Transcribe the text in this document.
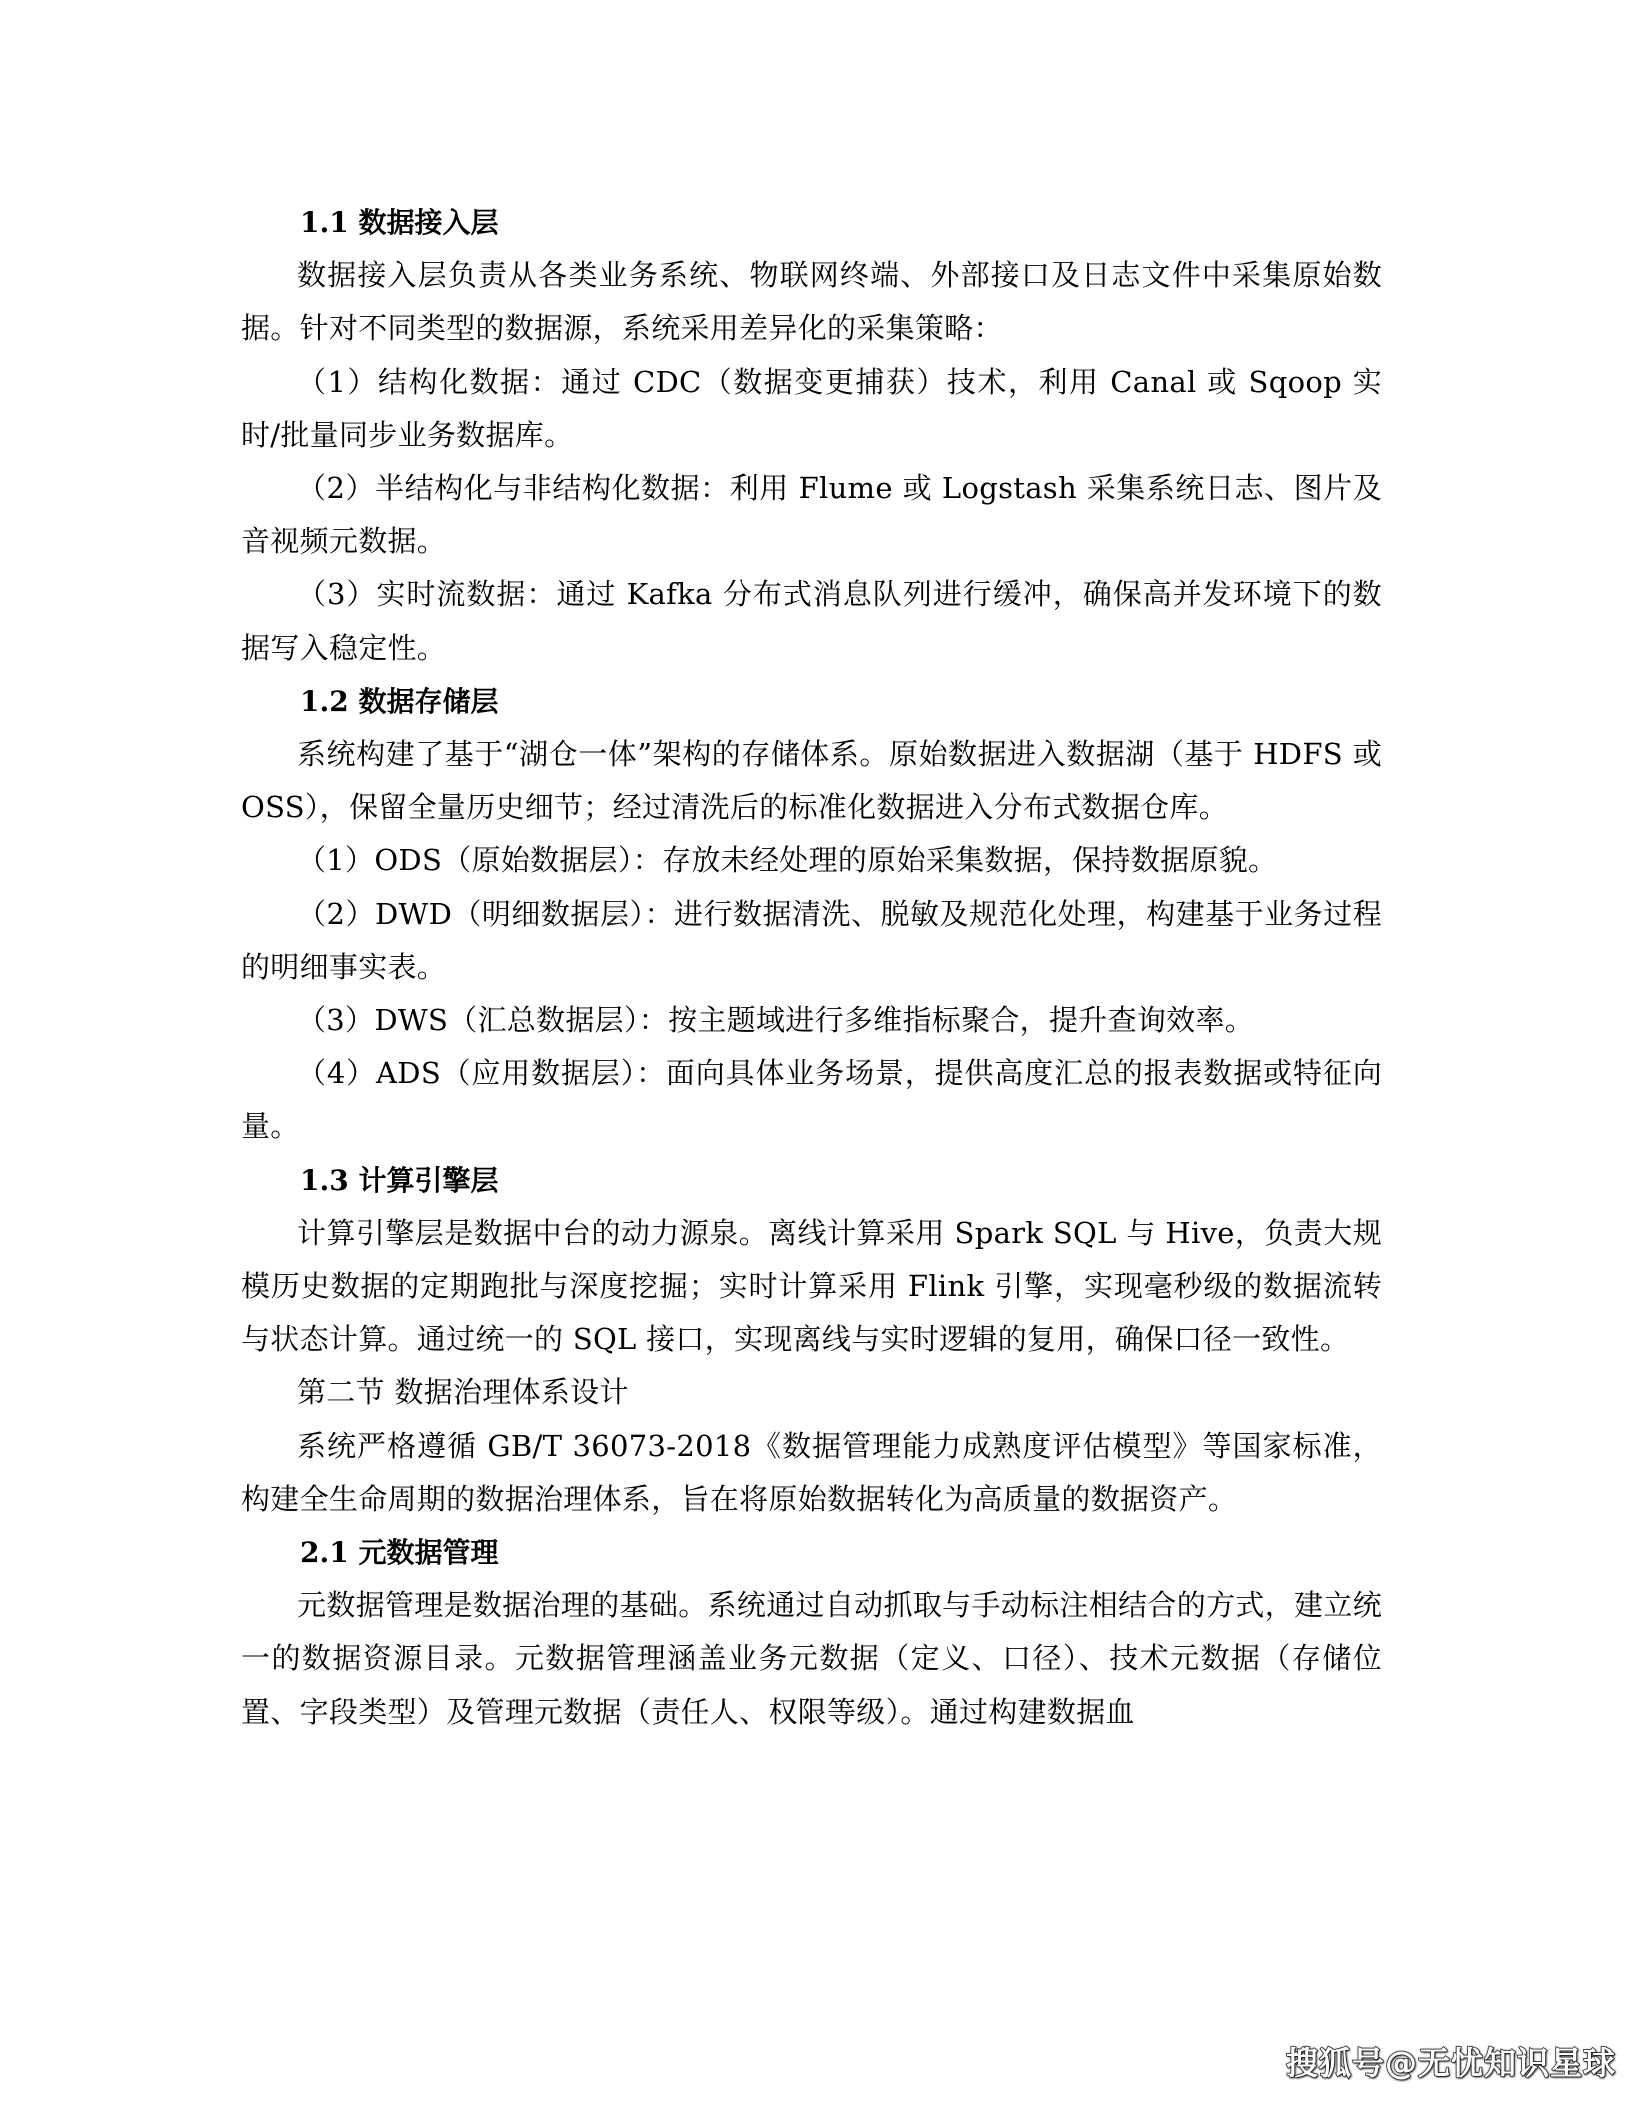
1.1 数据接入层

数据接入层负责从各类业务系统、物联网终端、外部接口及日志文件中采集原始数据。针对不同类型的数据源，系统采用差异化的采集策略：

（1）结构化数据：通过 CDC（数据变更捕获）技术，利用 Canal 或 Sqoop 实时/批量同步业务数据库。

（2）半结构化与非结构化数据：利用 Flume 或 Logstash 采集系统日志、图片及音视频元数据。

（3）实时流数据：通过 Kafka 分布式消息队列进行缓冲，确保高并发环境下的数据写入稳定性。

1.2 数据存储层

系统构建了基于“湖仓一体”架构的存储体系。原始数据进入数据湖（基于 HDFS 或 OSS），保留全量历史细节；经过清洗后的标准化数据进入分布式数据仓库。

（1）ODS（原始数据层）：存放未经处理的原始采集数据，保持数据原貌。

（2）DWD（明细数据层）：进行数据清洗、脱敏及规范化处理，构建基于业务过程的明细事实表。

（3）DWS（汇总数据层）：按主题域进行多维指标聚合，提升查询效率。

（4）ADS（应用数据层）：面向具体业务场景，提供高度汇总的报表数据或特征向量。

1.3 计算引擎层

计算引擎层是数据中台的动力源泉。离线计算采用 Spark SQL 与 Hive，负责大规模历史数据的定期跑批与深度挖掘；实时计算采用 Flink 引擎，实现毫秒级的数据流转与状态计算。通过统一的 SQL 接口，实现离线与实时逻辑的复用，确保口径一致性。

第二节 数据治理体系设计

系统严格遵循 GB/T 36073-2018《数据管理能力成熟度评估模型》等国家标准，构建全生命周期的数据治理体系，旨在将原始数据转化为高质量的数据资产。

2.1 元数据管理

元数据管理是数据治理的基础。系统通过自动抓取与手动标注相结合的方式，建立统一的数据资源目录。元数据管理涵盖业务元数据（定义、口径）、技术元数据（存储位置、字段类型）及管理元数据（责任人、权限等级）。通过构建数据血

搜狐号@无忧知识星球
